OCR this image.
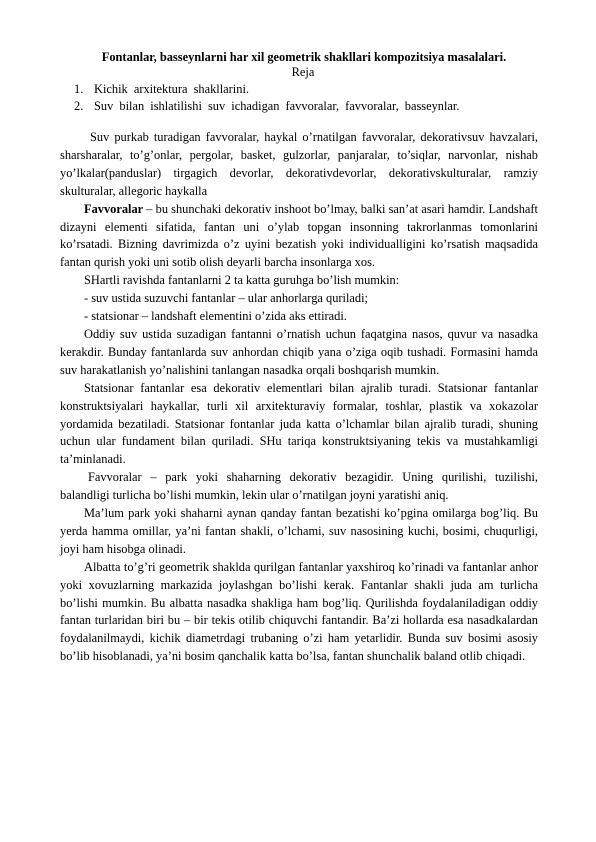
Fontanlar, basseynlarni har xil geometrik shakllari kompozitsiya masalalari.

Reja

1. Kichik arxitektura shakllarini.
2. Suv bilan ishlatilishi suv ichadigan favvoralar, favvoralar, basseynlar.

Suv purkab turadigan favvoralar, haykal o’rnatilgan favvoralar, dekorativsuv havzalari, sharsharalar, to’g’onlar, pergolar, basket, gulzorlar, panjaralar, to’siqlar, narvonlar, nishab yo’lkalar(panduslar) tirgagich devorlar, dekorativdevorlar, dekorativskulturalar, ramziy skulturalar, allegoric haykalla

Favvoralar – bu shunchaki dekorativ inshoot bo’lmay, balki san’at asari hamdir. Landshaft dizayni elementi sifatida, fantan uni o’ylab topgan insonning takrorlanmas tomonlarini ko’rsatadi. Bizning davrimizda o’z uyini bezatish yoki individualligini ko’rsatish maqsadida fantan qurish yoki uni sotib olish deyarli barcha insonlarga xos.

SHartli ravishda fantanlarni 2 ta katta guruhga bo’lish mumkin:

- suv ustida suzuvchi fantanlar – ular anhorlarga quriladi;

- statsionar – landshaft elementini o’zida aks ettiradi.

Oddiy suv ustida suzadigan fantanni o’rnatish uchun faqatgina nasos, quvur va nasadka kerakdir. Bunday fantanlarda suv anhordan chiqib yana o’ziga oqib tushadi. Formasini hamda suv harakatlanish yo’nalishini tanlangan nasadka orqali boshqarish mumkin.

Statsionar fantanlar esa dekorativ elementlari bilan ajralib turadi. Statsionar fantanlar konstruktsiyalari haykallar, turli xil arxitekturaviy formalar, toshlar, plastik va xokazolar yordamida bezatiladi. Statsionar fontanlar juda katta o’lchamlar bilan ajralib turadi, shuning uchun ular fundament bilan quriladi. SHu tariqa konstruktsiyaning tekis va mustahkamligi ta’minlanadi.

Favvoralar – park yoki shaharning dekorativ bezagidir. Uning qurilishi, tuzilishi, balandligi turlicha bo’lishi mumkin, lekin ular o’rnatilgan joyni yaratishi aniq.

Ma’lum park yoki shaharni aynan qanday fantan bezatishi ko’pgina omilarga bog’liq. Bu yerda hamma omillar, ya’ni fantan shakli, o’lchami, suv nasosining kuchi, bosimi, chuqurligi, joyi ham hisobga olinadi.

Albatta to’g’ri geometrik shaklda qurilgan fantanlar yaxshiroq ko’rinadi va fantanlar anhor yoki xovuzlarning markazida joylashgan bo’lishi kerak. Fantanlar shakli juda am turlicha bo’lishi mumkin. Bu albatta nasadka shakliga ham bog’liq. Qurilishda foydalaniladigan oddiy fantan turlaridan biri bu – bir tekis otilib chiquvchi fantandir. Ba’zi hollarda esa nasadkalardan foydalanilmaydi, kichik diametrdagi trubaning o’zi ham yetarlidir. Bunda suv bosimi asosiy bo’lib hisoblanadi, ya’ni bosim qanchalik katta bo’lsa, fantan shunchalik baland otlib chiqadi.
